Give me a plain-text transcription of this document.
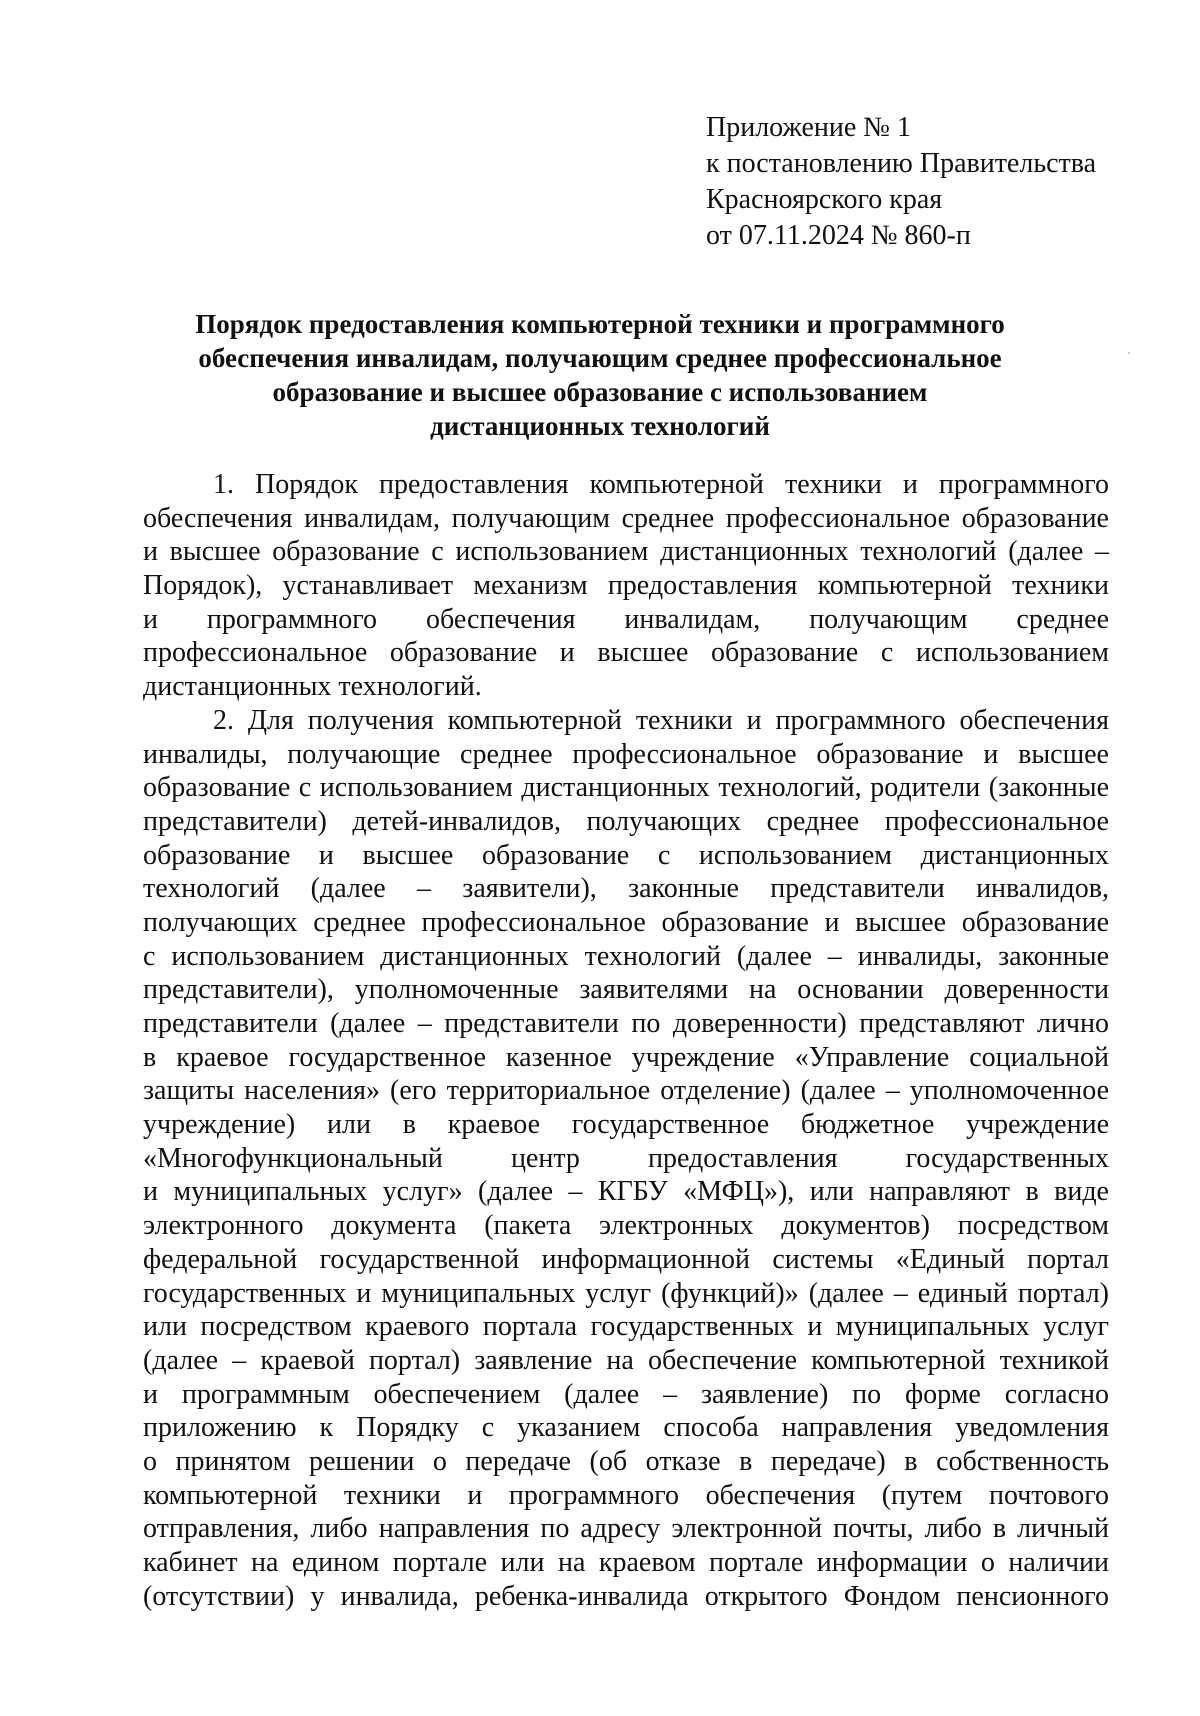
Приложение № 1
к постановлению Правительства
Красноярского края
от 07.11.2024 № 860-п
Порядок предоставления компьютерной техники и программного
обеспечения инвалидам, получающим среднее профессиональное
образование и высшее образование с использованием
дистанционных технологий
1. Порядок предоставления компьютерной техники и программного
обеспечения инвалидам, получающим среднее профессиональное образование
и высшее образование с использованием дистанционных технологий (далее –
Порядок), устанавливает механизм предоставления компьютерной техники
и программного обеспечения инвалидам, получающим среднее
профессиональное образование и высшее образование с использованием
дистанционных технологий.
2. Для получения компьютерной техники и программного обеспечения
инвалиды, получающие среднее профессиональное образование и высшее
образование с использованием дистанционных технологий, родители (законные
представители) детей-инвалидов, получающих среднее профессиональное
образование и высшее образование с использованием дистанционных
технологий (далее – заявители), законные представители инвалидов,
получающих среднее профессиональное образование и высшее образование
с использованием дистанционных технологий (далее – инвалиды, законные
представители), уполномоченные заявителями на основании доверенности
представители (далее – представители по доверенности) представляют лично
в краевое государственное казенное учреждение «Управление социальной
защиты населения» (его территориальное отделение) (далее – уполномоченное
учреждение) или в краевое государственное бюджетное учреждение
«Многофункциональный центр предоставления государственных
и муниципальных услуг» (далее – КГБУ «МФЦ»), или направляют в виде
электронного документа (пакета электронных документов) посредством
федеральной государственной информационной системы «Единый портал
государственных и муниципальных услуг (функций)» (далее – единый портал)
или посредством краевого портала государственных и муниципальных услуг
(далее – краевой портал) заявление на обеспечение компьютерной техникой
и программным обеспечением (далее – заявление) по форме согласно
приложению к Порядку с указанием способа направления уведомления
о принятом решении о передаче (об отказе в передаче) в собственность
компьютерной техники и программного обеспечения (путем почтового
отправления, либо направления по адресу электронной почты, либо в личный
кабинет на едином портале или на краевом портале информации о наличии
(отсутствии) у инвалида, ребенка-инвалида открытого Фондом пенсионного
